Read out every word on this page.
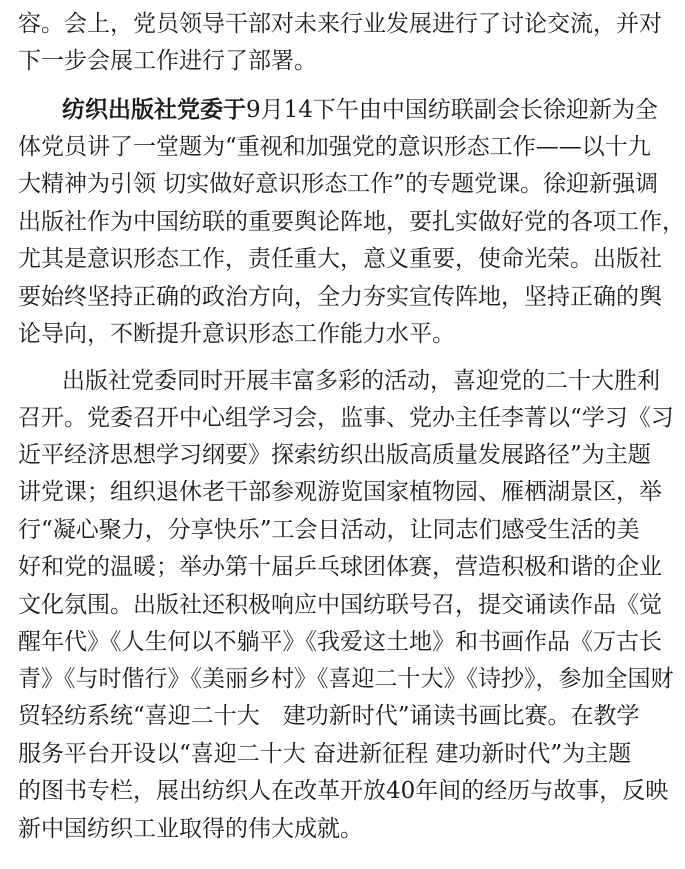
容。会上，党员领导干部对未来行业发展进行了讨论交流，并对
下一步会展工作进行了部署。
纺织出版社党委于9月14下午由中国纺联副会长徐迎新为全
体党员讲了一堂题为“重视和加强党的意识形态工作——以十九
大精神为引领 切实做好意识形态工作”的专题党课。徐迎新强调
出版社作为中国纺联的重要舆论阵地，要扎实做好党的各项工作，
尤其是意识形态工作，责任重大，意义重要，使命光荣。出版社
要始终坚持正确的政治方向，全力夯实宣传阵地，坚持正确的舆
论导向，不断提升意识形态工作能力水平。
出版社党委同时开展丰富多彩的活动，喜迎党的二十大胜利
召开。党委召开中心组学习会，监事、党办主任李菁以“学习《习
近平经济思想学习纲要》探索纺织出版高质量发展路径”为主题
讲党课；组织退休老干部参观游览国家植物园、雁栖湖景区，举
行“凝心聚力，分享快乐”工会日活动，让同志们感受生活的美
好和党的温暖；举办第十届乒乓球团体赛，营造积极和谐的企业
文化氛围。出版社还积极响应中国纺联号召，提交诵读作品《觉
醒年代》《人生何以不躺平》《我爱这土地》和书画作品《万古长
青》《与时偕行》《美丽乡村》《喜迎二十大》《诗抄》，参加全国财
贸轻纺系统“喜迎二十大　建功新时代”诵读书画比赛。在教学
服务平台开设以“喜迎二十大 奋进新征程 建功新时代”为主题
的图书专栏，展出纺织人在改革开放40年间的经历与故事，反映
新中国纺织工业取得的伟大成就。
